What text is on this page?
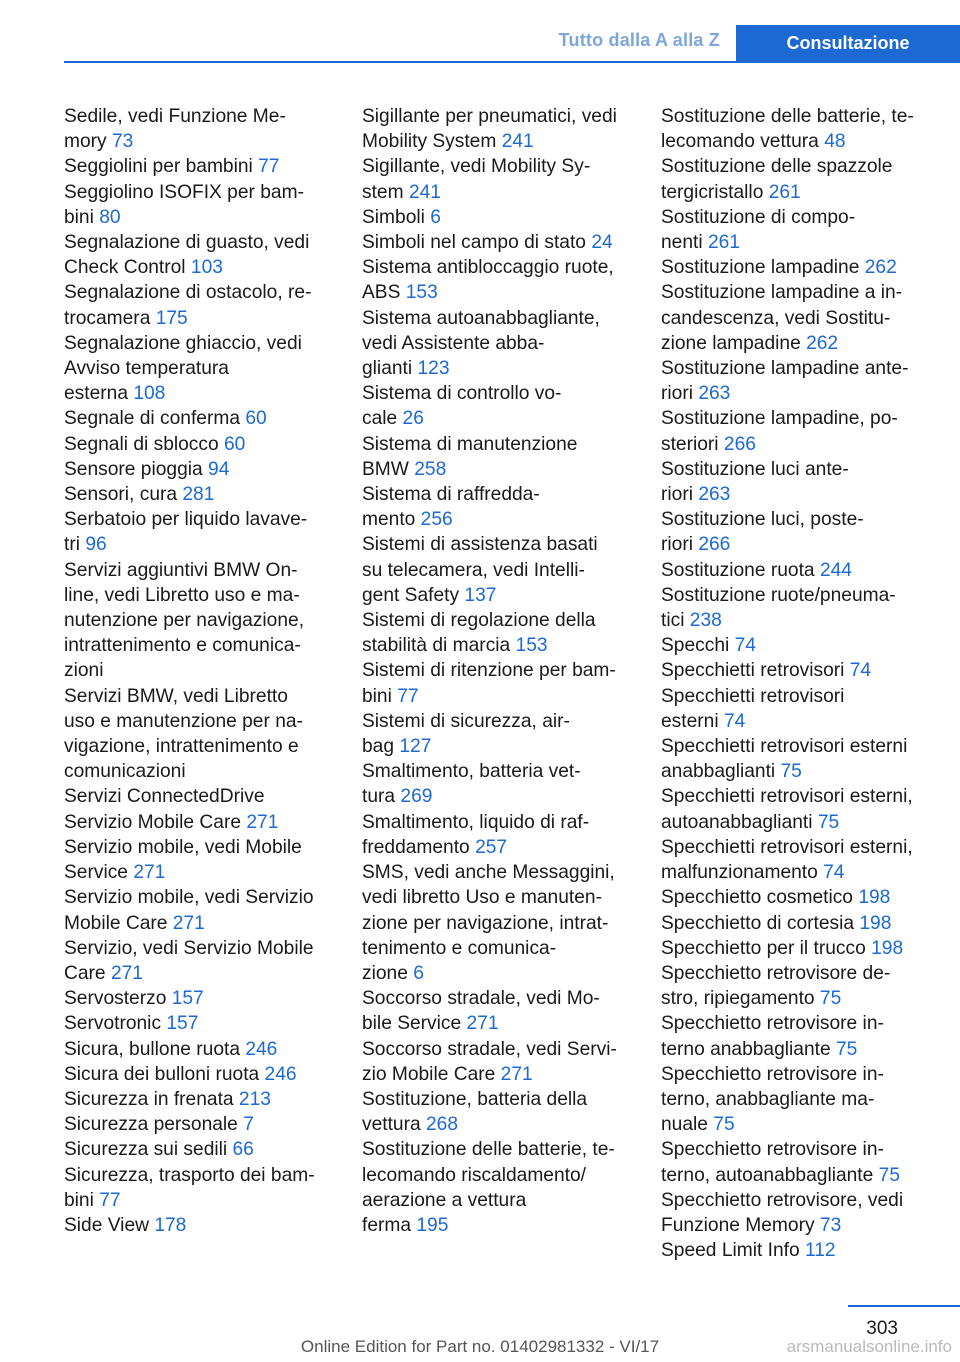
Tutto dalla A alla Z	Consultazione

Sedile, vedi Funzione Me-
mory 73

Seggiolini per bambini 77

Seggiolino ISOFIX per bam-
bini 80

Segnalazione di guasto, vedi
Check Control 103

Segnalazione di ostacolo, re-
trocamera 175

Segnalazione ghiaccio, vedi
Avviso temperatura
esterna 108

Segnale di conferma 60

Segnali di sblocco 60

Sensore pioggia 94

Sensori, cura 281

Serbatoio per liquido lavave-
tri 96

Servizi aggiuntivi BMW On-
line, vedi Libretto uso e ma-
nutenzione per navigazione,
intrattenimento e comunica-
zioni

Servizi BMW, vedi Libretto
uso e manutenzione per na-
vigazione, intrattenimento e
comunicazioni

Servizi ConnectedDrive

Servizio Mobile Care 271

Servizio mobile, vedi Mobile
Service 271

Servizio mobile, vedi Servizio
Mobile Care 271

Servizio, vedi Servizio Mobile
Care 271

Servosterzo 157

Servotronic 157

Sicura, bullone ruota 246

Sicura dei bulloni ruota 246

Sicurezza in frenata 213

Sicurezza personale 7

Sicurezza sui sedili 66

Sicurezza, trasporto dei bam-
bini 77

Side View 178

Sigillante per pneumatici, vedi
Mobility System 241

Sigillante, vedi Mobility Sy-
stem 241

Simboli 6

Simboli nel campo di stato 24

Sistema antibloccaggio ruote,
ABS 153

Sistema autoanabbagliante,
vedi Assistente abba-
glianti 123

Sistema di controllo vo-
cale 26

Sistema di manutenzione
BMW 258

Sistema di raffredda-
mento 256

Sistemi di assistenza basati
su telecamera, vedi Intelli-
gent Safety 137

Sistemi di regolazione della
stabilità di marcia 153

Sistemi di ritenzione per bam-
bini 77

Sistemi di sicurezza, air-
bag 127

Smaltimento, batteria vet-
tura 269

Smaltimento, liquido di raf-
freddamento 257

SMS, vedi anche Messaggini,
vedi libretto Uso e manuten-
zione per navigazione, intrat-
tenimento e comunica-
zione 6

Soccorso stradale, vedi Mo-
bile Service 271

Soccorso stradale, vedi Servi-
zio Mobile Care 271

Sostituzione, batteria della
vettura 268

Sostituzione delle batterie, te-
lecomando riscaldamento/
aerazione a vettura
ferma 195

Sostituzione delle batterie, te-
lecomando vettura 48

Sostituzione delle spazzole
tergicristallo 261

Sostituzione di compo-
nenti 261

Sostituzione lampadine 262

Sostituzione lampadine a in-
candescenza, vedi Sostitu-
zione lampadine 262

Sostituzione lampadine ante-
riori 263

Sostituzione lampadine, po-
steriori 266

Sostituzione luci ante-
riori 263

Sostituzione luci, poste-
riori 266

Sostituzione ruota 244

Sostituzione ruote/pneuma-
tici 238

Specchi 74

Specchietti retrovisori 74

Specchietti retrovisori
esterni 74

Specchietti retrovisori esterni
anabbaglianti 75

Specchietti retrovisori esterni,
autoanabbaglianti 75

Specchietti retrovisori esterni,
malfunzionamento 74

Specchietto cosmetico 198

Specchietto di cortesia 198

Specchietto per il trucco 198

Specchietto retrovisore de-
stro, ripiegamento 75

Specchietto retrovisore in-
terno anabbagliante 75

Specchietto retrovisore in-
terno, anabbagliante ma-
nuale 75

Specchietto retrovisore in-
terno, autoanabbagliante 75

Specchietto retrovisore, vedi
Funzione Memory 73

Speed Limit Info 112

303
Online Edition for Part no. 01402981332 - VI/17	arsmanualsonline.info
